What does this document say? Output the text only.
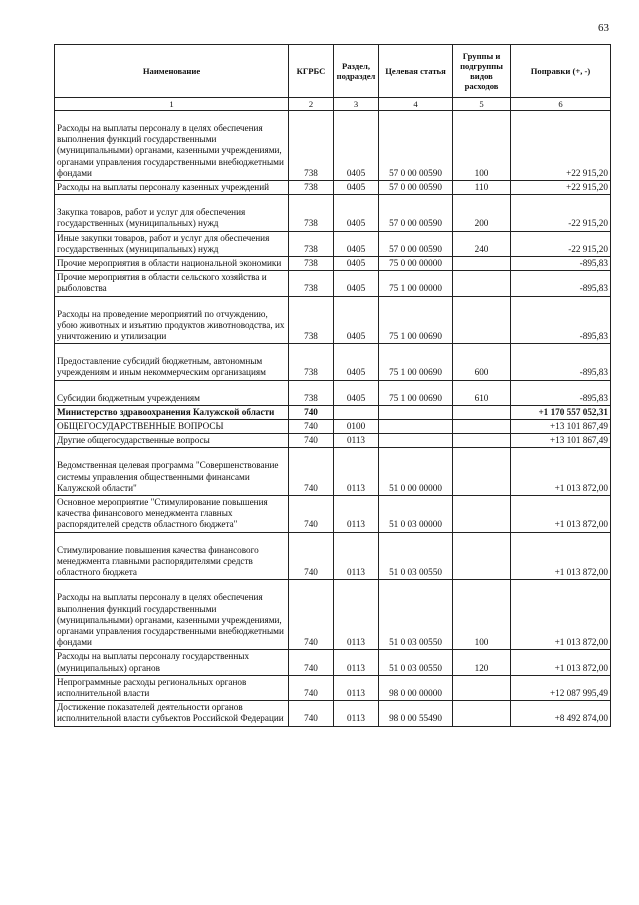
63
Наименование	КГРБС	Раздел, подраздел	Целевая статья	Группы и подгруппы видов расходов	Поправки (+, -)
1	2	3	4	5	6
Расходы на выплаты персоналу в целях обеспечения выполнения функций государственными (муниципальными) органами, казенными учреждениями, органами управления государственными внебюджетными фондами	738	0405	57 0 00 00590	100	+22 915,20
Расходы на выплаты персоналу казенных учреждений	738	0405	57 0 00 00590	110	+22 915,20
Закупка товаров, работ и услуг для обеспечения государственных (муниципальных) нужд	738	0405	57 0 00 00590	200	-22 915,20
Иные закупки товаров, работ и услуг для обеспечения государственных (муниципальных) нужд	738	0405	57 0 00 00590	240	-22 915,20
Прочие мероприятия в области национальной экономики	738	0405	75 0 00 00000		-895,83
Прочие мероприятия в области сельского хозяйства и рыболовства	738	0405	75 1 00 00000		-895,83
Расходы на проведение мероприятий по отчуждению, убою животных и изъятию продуктов животноводства, их уничтожению и утилизации	738	0405	75 1 00 00690		-895,83
Предоставление субсидий бюджетным, автономным учреждениям и иным некоммерческим организациям	738	0405	75 1 00 00690	600	-895,83
Субсидии бюджетным учреждениям	738	0405	75 1 00 00690	610	-895,83
Министерство здравоохранения Калужской области	740				+1 170 557 052,31
ОБЩЕГОСУДАРСТВЕННЫЕ ВОПРОСЫ	740	0100			+13 101 867,49
Другие общегосударственные вопросы	740	0113			+13 101 867,49
Ведомственная целевая программа "Совершенствование системы управления общественными финансами Калужской области"	740	0113	51 0 00 00000		+1 013 872,00
Основное мероприятие "Стимулирование повышения качества финансового менеджмента главных распорядителей средств областного бюджета"	740	0113	51 0 03 00000		+1 013 872,00
Стимулирование повышения качества финансового менеджмента главными распорядителями средств областного бюджета	740	0113	51 0 03 00550		+1 013 872,00
Расходы на выплаты персоналу в целях обеспечения выполнения функций государственными (муниципальными) органами, казенными учреждениями, органами управления государственными внебюджетными фондами	740	0113	51 0 03 00550	100	+1 013 872,00
Расходы на выплаты персоналу государственных (муниципальных) органов	740	0113	51 0 03 00550	120	+1 013 872,00
Непрограммные расходы региональных органов исполнительной власти	740	0113	98 0 00 00000		+12 087 995,49
Достижение показателей деятельности органов исполнительной власти субъектов Российской Федерации	740	0113	98 0 00 55490		+8 492 874,00
